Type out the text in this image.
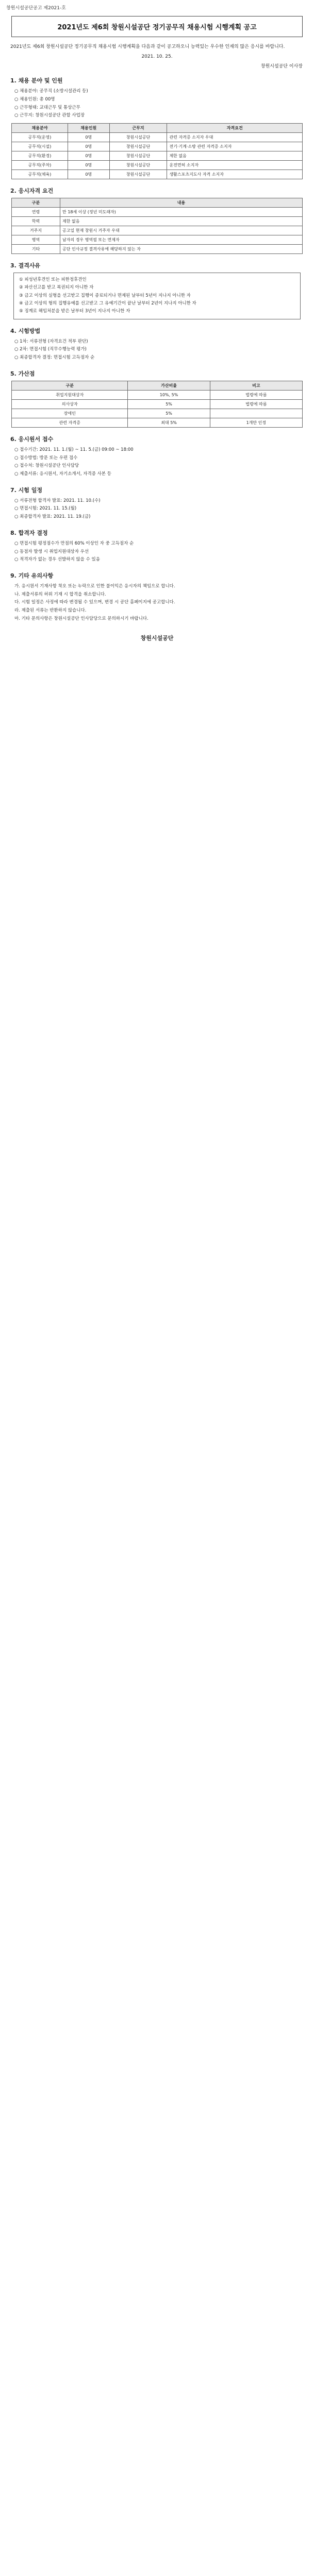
창원시설공단공고 제2021-호
2021년도 제6회 창원시설공단 정기공무직 채용시험 시행계획 공고
2021년도 제6회 창원시설공단 정기공무직 채용시험 시행계획을 다음과 같이 공고하오니 능력있는 우수한 인재의 많은 응시를 바랍니다.
2021. 10. 25.
창원시설공단 이사장
1. 채용 분야 및 인원
○ 채용분야: 공무직 (소방시설관리 등)
○ 채용인원: 총 00명
○ 근무형태: 교대근무 및 통상근무
○ 근무지: 창원시설공단 관할 사업장
채용분야	채용인원	근무지	자격요건
공무직(운영)	0명	창원시설공단	관련 자격증 소지자 우대
공무직(시설)	0명	창원시설공단	전기·기계·소방 관련 자격증 소지자
공무직(환경)	0명	창원시설공단	제한 없음
공무직(주차)	0명	창원시설공단	운전면허 소지자
공무직(체육)	0명	창원시설공단	생활스포츠지도사 자격 소지자
2. 응시자격 요건
구분	내용
연령	만 18세 이상 (정년 미도래자)
학력	제한 없음
거주지	공고일 현재 창원시 거주자 우대
병역	남자의 경우 병역필 또는 면제자
기타	공단 인사규정 결격사유에 해당하지 않는 자
3. 결격사유
① 피성년후견인 또는 피한정후견인
② 파산선고를 받고 복권되지 아니한 자
③ 금고 이상의 실형을 선고받고 집행이 종료되거나 면제된 날부터 5년이 지나지 아니한 자
④ 금고 이상의 형의 집행유예를 선고받고 그 유예기간이 끝난 날부터 2년이 지나지 아니한 자
⑤ 징계로 해임처분을 받은 날부터 3년이 지나지 아니한 자
4. 시험방법
○ 1차: 서류전형 (자격요건 적부 판단)
○ 2차: 면접시험 (직무수행능력 평가)
○ 최종합격자 결정: 면접시험 고득점자 순
5. 가산점
구분	가산비율	비고
취업지원대상자	10%, 5%	법령에 따름
의사상자	5%	법령에 따름
장애인	5%	
관련 자격증	최대 5%	1개만 인정
6. 응시원서 접수
○ 접수기간: 2021. 11. 1.(월) ~ 11. 5.(금) 09:00 ~ 18:00
○ 접수방법: 방문 또는 우편 접수
○ 접수처: 창원시설공단 인사담당
○ 제출서류: 응시원서, 자기소개서, 자격증 사본 등
7. 시험 일정
○ 서류전형 합격자 발표: 2021. 11. 10.(수)
○ 면접시험: 2021. 11. 15.(월)
○ 최종합격자 발표: 2021. 11. 19.(금)
8. 합격자 결정
○ 면접시험 평정점수가 만점의 60% 이상인 자 중 고득점자 순
○ 동점자 발생 시 취업지원대상자 우선
○ 적격자가 없는 경우 선발하지 않을 수 있음
9. 기타 유의사항
가. 응시원서 기재사항 착오 또는 누락으로 인한 불이익은 응시자의 책임으로 합니다.
나. 제출서류의 허위 기재 시 합격을 취소합니다.
다. 시험 일정은 사정에 따라 변경될 수 있으며, 변경 시 공단 홈페이지에 공고합니다.
라. 제출된 서류는 반환하지 않습니다.
마. 기타 문의사항은 창원시설공단 인사담당으로 문의하시기 바랍니다.
창원시설공단
